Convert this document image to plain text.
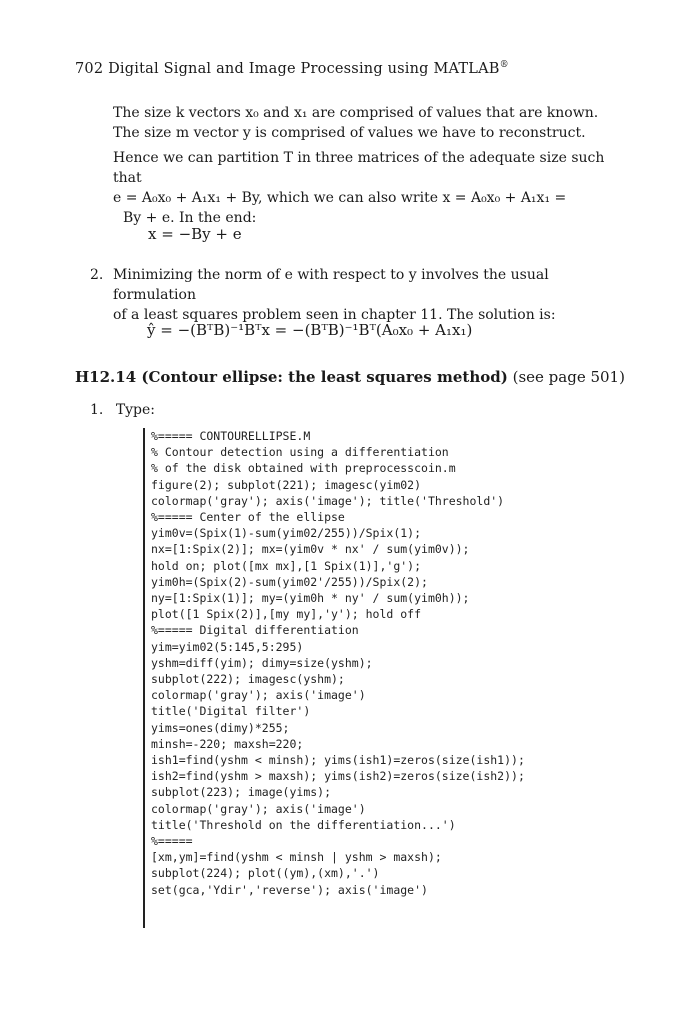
702 Digital Signal and Image Processing using MATLAB®
The size k vectors x₀ and x₁ are comprised of values that are known.
The size m vector y is comprised of values we have to reconstruct.
Hence we can partition T in three matrices of the adequate size such that
e = A₀x₀ + A₁x₁ + By, which we can also write x = A₀x₀ + A₁x₁ =
By + e. In the end:
x = −By + e
2. Minimizing the norm of e with respect to y involves the usual formulation
of a least squares problem seen in chapter 11. The solution is:
ŷ = −(BᵀB)⁻¹Bᵀx = −(BᵀB)⁻¹Bᵀ(A₀x₀ + A₁x₁)
H12.14 (Contour ellipse: the least squares method) (see page 501)
1. Type:
%===== CONTOURELLIPSE.M
% Contour detection using a differentiation
% of the disk obtained with preprocesscoin.m
figure(2); subplot(221); imagesc(yim02)
colormap('gray'); axis('image'); title('Threshold')
%===== Center of the ellipse
yim0v=(Spix(1)-sum(yim02/255))/Spix(1);
nx=[1:Spix(2)]; mx=(yim0v * nx' / sum(yim0v));
hold on; plot([mx mx],[1 Spix(1)],'g');
yim0h=(Spix(2)-sum(yim02'/255))/Spix(2);
ny=[1:Spix(1)]; my=(yim0h * ny' / sum(yim0h));
plot([1 Spix(2)],[my my],'y'); hold off
%===== Digital differentiation
yim=yim02(5:145,5:295)
yshm=diff(yim); dimy=size(yshm);
subplot(222); imagesc(yshm);
colormap('gray'); axis('image')
title('Digital filter')
yims=ones(dimy)*255;
minsh=-220; maxsh=220;
ish1=find(yshm < minsh); yims(ish1)=zeros(size(ish1));
ish2=find(yshm > maxsh); yims(ish2)=zeros(size(ish2));
subplot(223); image(yims);
colormap('gray'); axis('image')
title('Threshold on the differentiation...')
%=====
[xm,ym]=find(yshm < minsh | yshm > maxsh);
subplot(224); plot((ym),(xm),'.')
set(gca,'Ydir','reverse'); axis('image')
